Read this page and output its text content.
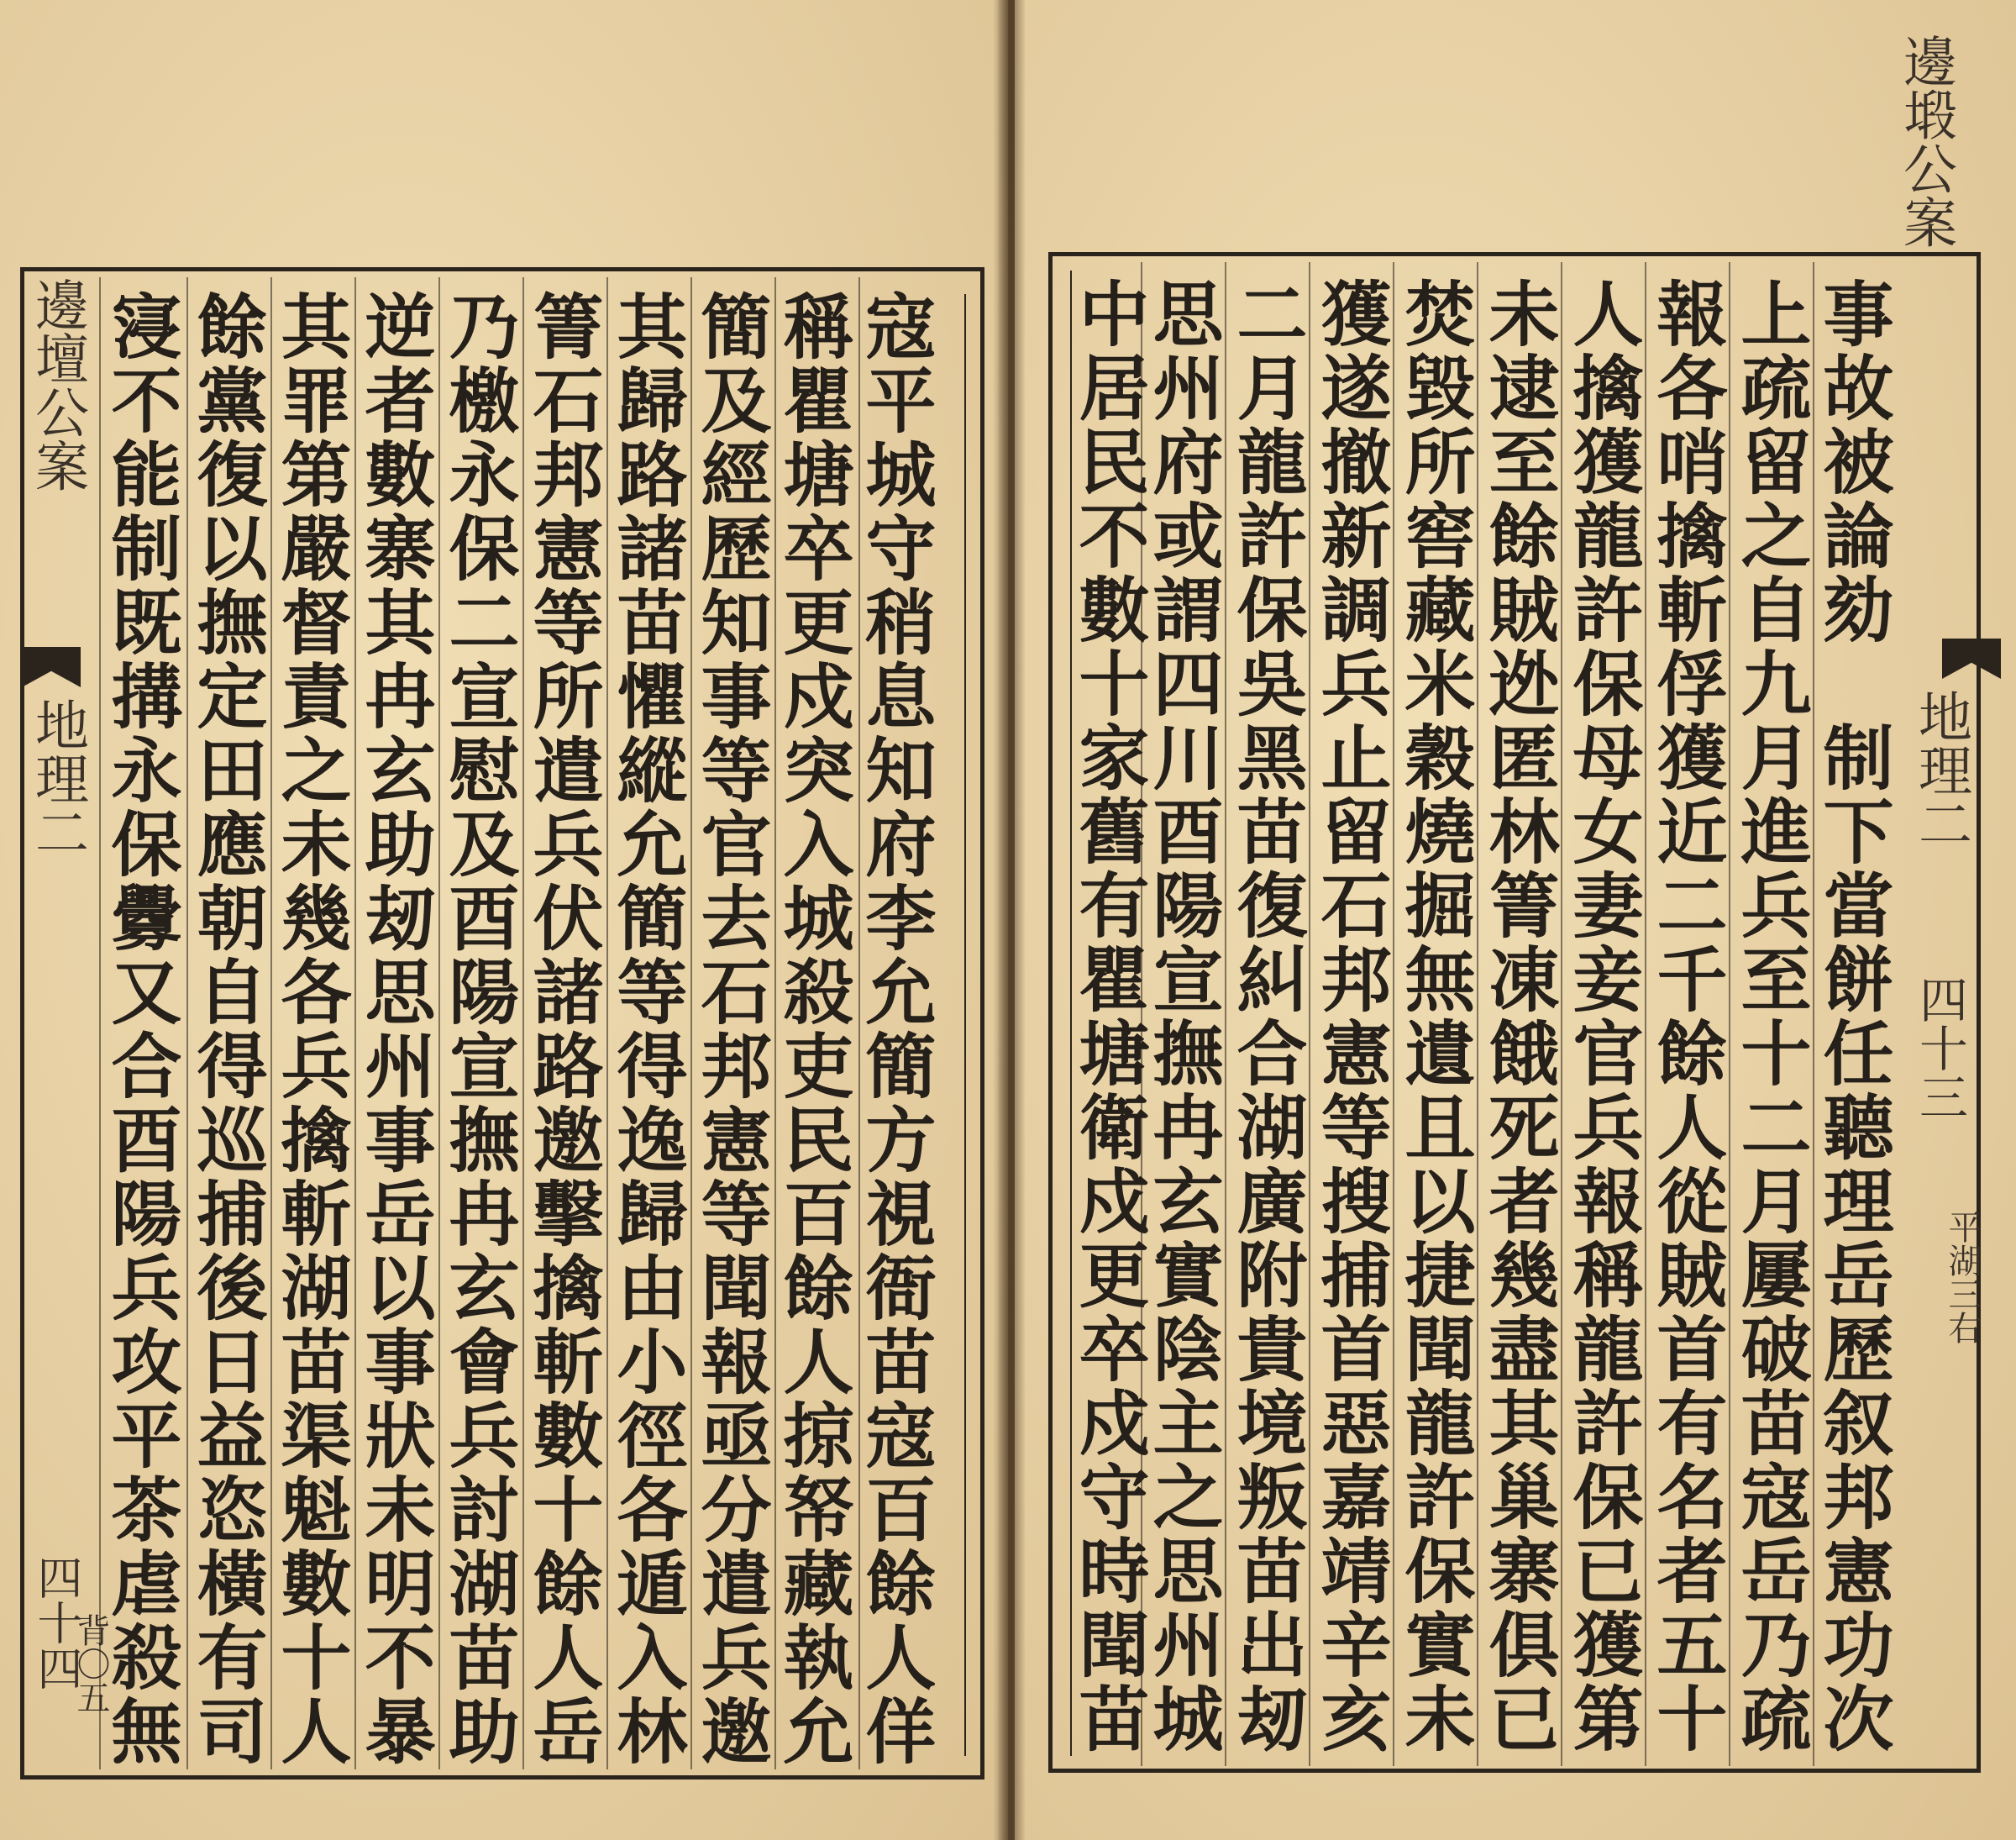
邊壇公案
地理二
四十四
背〇五	寇平城守稍息知府李允簡方視衙苗寇百餘人佯
稱瞿塘卒更戍突入城殺吏民百餘人掠帑藏執允
簡及經歷知事等官去石邦憲等聞報亟分遣兵邀
其歸路諸苗懼縱允簡等得逸歸由小徑各遁入林
箐石邦憲等所遣兵伏諸路邀擊擒斬數十餘人岳
乃檄永保二宣慰及酉陽宣撫冉玄會兵討湖苗助
逆者數寨其冉玄助刼思州事岳以事狀未明不暴
其罪第嚴督責之未幾各兵擒斬湖苗渠魁數十人
餘黨復以撫定田應朝自得巡捕後日益恣橫有司
寖不能制既搆永保釁又合酉陽兵攻平茶虐殺無
邊塅公案
地理二
四十三
平湖三右
事故被論劾　制下當餅任聽理岳歷叙邦憲功次
上疏留之自九月進兵至十二月屢破苗寇岳乃疏
報各哨擒斬俘獲近二千餘人從賊首有名者五十
人擒獲龍許保母女妻妾官兵報稱龍許保已獲第
未逮至餘賊迯匿林箐凍餓死者幾盡其巢寨俱已
焚毀所窖藏米穀燒掘無遺且以捷聞龍許保實未
獲遂撤新調兵止留石邦憲等搜捕首惡嘉靖辛亥
二月龍許保吳黑苗復糾合湖廣附貴境叛苗出刼
思州府或謂四川酉陽宣撫冉玄實陰主之思州城
中居民不數十家舊有瞿塘衛戍更卒戍守時聞苗
